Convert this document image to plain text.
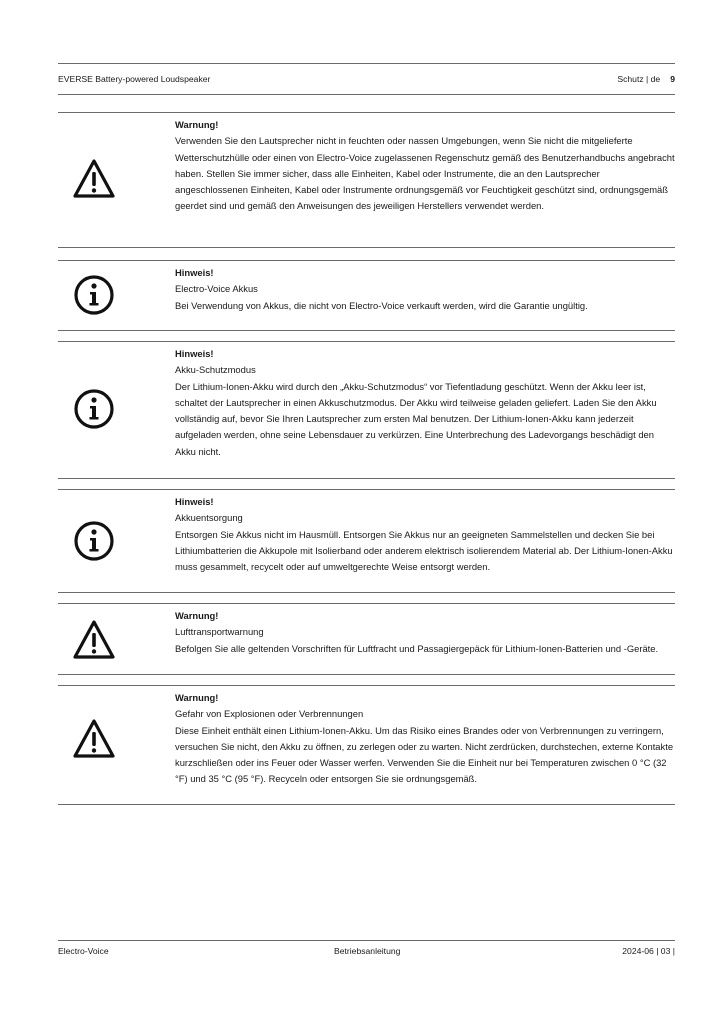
EVERSE Battery-powered Loudspeaker	Schutz | de 9
Warnung!
Verwenden Sie den Lautsprecher nicht in feuchten oder nassen Umgebungen, wenn Sie nicht die mitgelieferte Wetterschutzhülle oder einen von Electro-Voice zugelassenen Regenschutz gemäß des Benutzerhandbuchs angebracht haben. Stellen Sie immer sicher, dass alle Einheiten, Kabel oder Instrumente, die an den Lautsprecher angeschlossenen Einheiten, Kabel oder Instrumente ordnungsgemäß vor Feuchtigkeit geschützt sind, ordnungsgemäß geerdet sind und gemäß den Anweisungen des jeweiligen Herstellers verwendet werden.
Hinweis!
Electro-Voice Akkus
Bei Verwendung von Akkus, die nicht von Electro-Voice verkauft werden, wird die Garantie ungültig.
Hinweis!
Akku-Schutzmodus
Der Lithium-Ionen-Akku wird durch den „Akku-Schutzmodus“ vor Tiefentladung geschützt. Wenn der Akku leer ist, schaltet der Lautsprecher in einen Akkuschutzmodus. Der Akku wird teilweise geladen geliefert. Laden Sie den Akku vollständig auf, bevor Sie Ihren Lautsprecher zum ersten Mal benutzen. Der Lithium-Ionen-Akku kann jederzeit aufgeladen werden, ohne seine Lebensdauer zu verkürzen. Eine Unterbrechung des Ladevorgangs beschädigt den Akku nicht.
Hinweis!
Akkuentsorgung
Entsorgen Sie Akkus nicht im Hausmüll. Entsorgen Sie Akkus nur an geeigneten Sammelstellen und decken Sie bei Lithiumbatterien die Akkupole mit Isolierband oder anderem elektrisch isolierendem Material ab. Der Lithium-Ionen-Akku muss gesammelt, recycelt oder auf umweltgerechte Weise entsorgt werden.
Warnung!
Lufttransportwarnung
Befolgen Sie alle geltenden Vorschriften für Luftfracht und Passagiergepäck für Lithium-Ionen-Batterien und -Geräte.
Warnung!
Gefahr von Explosionen oder Verbrennungen
Diese Einheit enthält einen Lithium-Ionen-Akku. Um das Risiko eines Brandes oder von Verbrennungen zu verringern, versuchen Sie nicht, den Akku zu öffnen, zu zerlegen oder zu warten. Nicht zerdrücken, durchstechen, externe Kontakte kurzschließen oder ins Feuer oder Wasser werfen. Verwenden Sie die Einheit nur bei Temperaturen zwischen 0 °C (32 °F) und 35 °C (95 °F). Recyceln oder entsorgen Sie sie ordnungsgemäß.
Electro-Voice	Betriebsanleitung	2024-06 | 03 |
